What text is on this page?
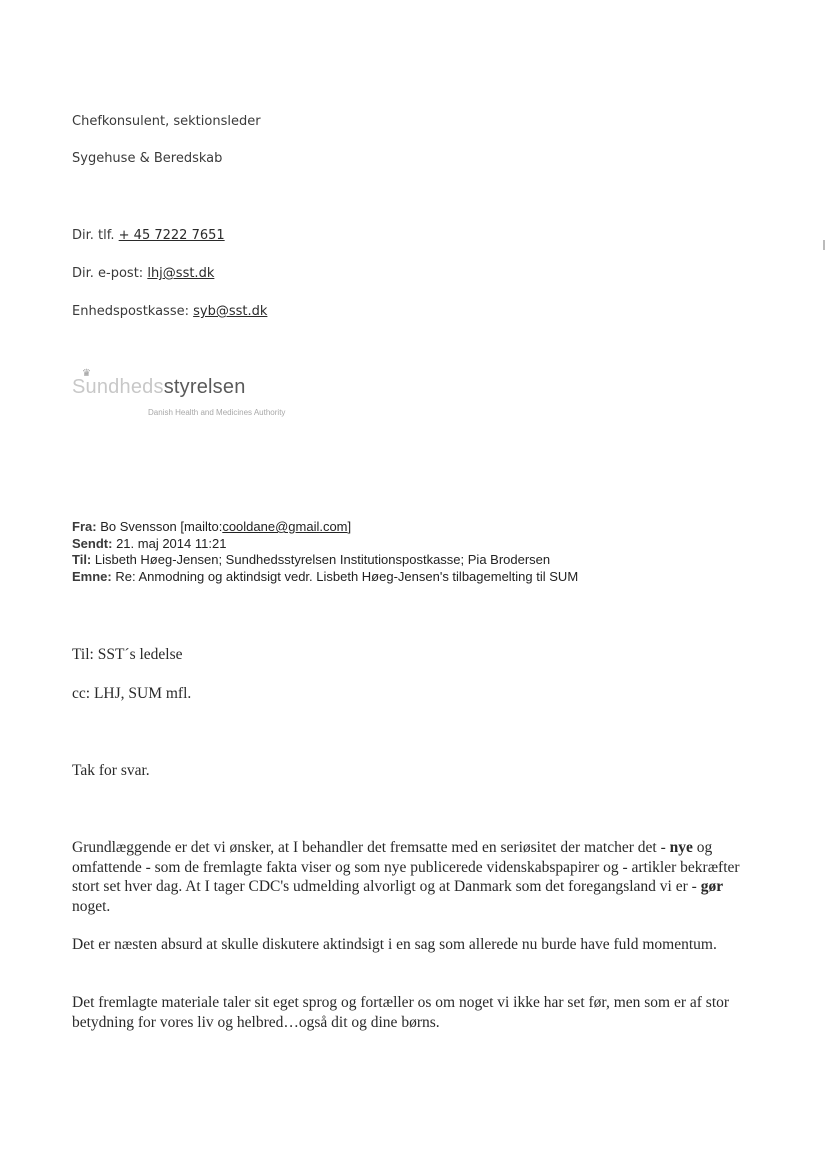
Chefkonsulent, sektionsleder
Sygehuse & Beredskab
Dir. tlf. + 45 7222 7651
Dir. e-post: lhj@sst.dk
Enhedspostkasse: syb@sst.dk
♛
Sundheds styrelsen
Danish Health and Medicines Authority
Fra: Bo Svensson [mailto:cooldane@gmail.com]
Sendt: 21. maj 2014 11:21
Til: Lisbeth Høeg-Jensen; Sundhedsstyrelsen Institutionspostkasse; Pia Brodersen
Emne: Re: Anmodning og aktindsigt vedr. Lisbeth Høeg-Jensen's tilbagemelting til SUM
Til: SST´s ledelse
cc: LHJ, SUM mfl.
Tak for svar.
Grundlæggende er det vi ønsker, at I behandler det fremsatte med en seriøsitet der matcher det - nye og omfattende - som de fremlagte fakta viser og som nye publicerede videnskabspapirer og - artikler bekræfter stort set hver dag. At I tager CDC's udmelding alvorligt og at Danmark som det foregangsland vi er - gør noget.
Det er næsten absurd at skulle diskutere aktindsigt i en sag som allerede nu burde have fuld momentum.
Det fremlagte materiale taler sit eget sprog og fortæller os om noget vi ikke har set før, men som er af stor betydning for vores liv og helbred…også dit og dine børns.
